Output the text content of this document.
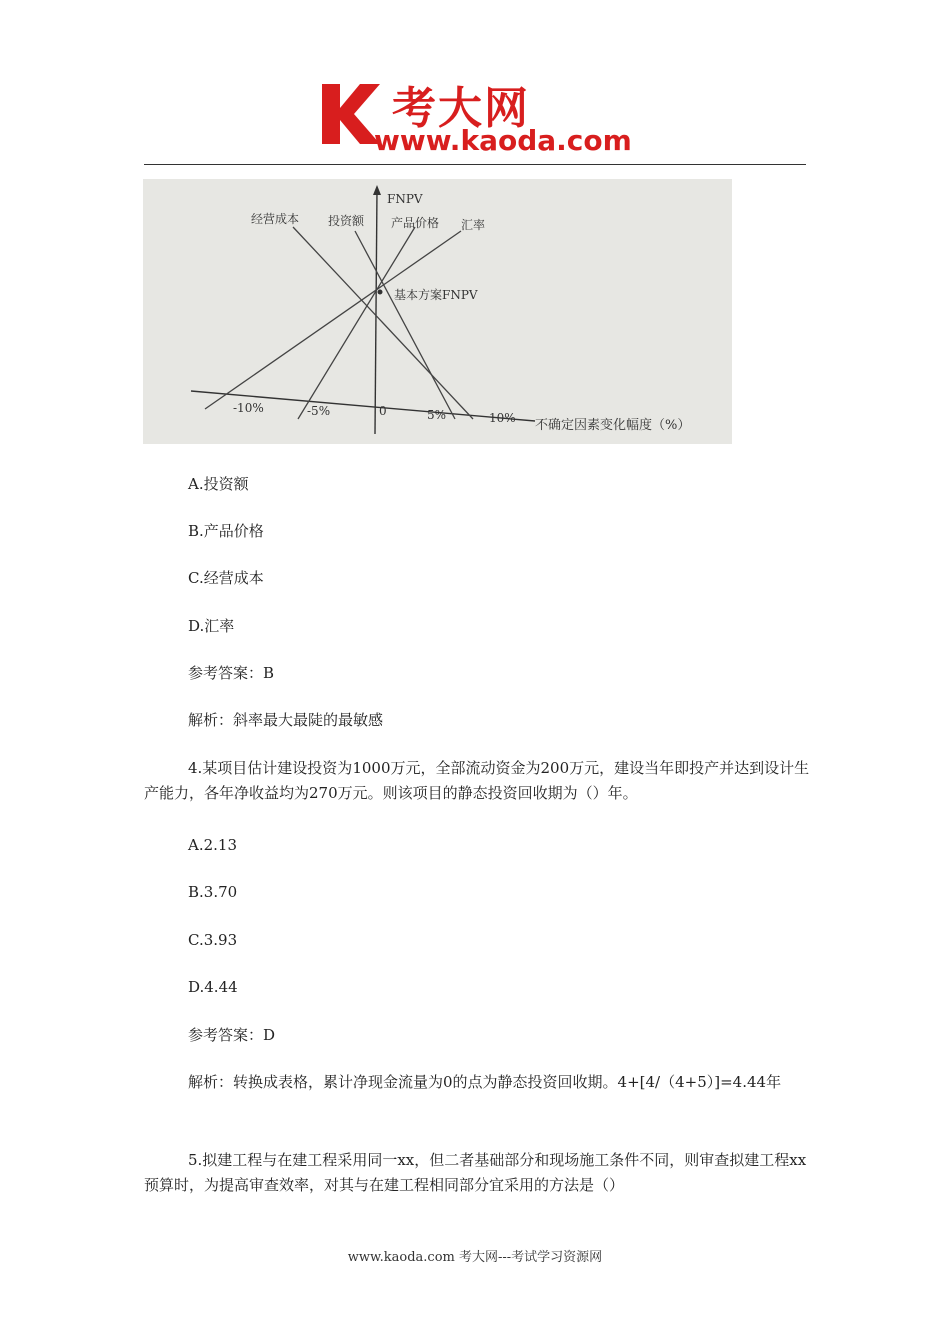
考大网
www.kaoda.com
FNPV
经营成本 投资额 产品价格 汇率
基本方案FNPV
-10%	-5%	0	5%	10% 不确定因素变化幅度（%）

A.投资额

B.产品价格

C.经营成本

D.汇率

参考答案：B

解析：斜率最大最陡的最敏感

4.某项目估计建设投资为1000万元，全部流动资金为200万元，建设当年即投产并达到设计生产能力，各年净收益均为270万元。则该项目的静态投资回收期为（）年。

A.2.13

B.3.70

C.3.93

D.4.44

参考答案：D

解析：转换成表格，累计净现金流量为0的点为静态投资回收期。4+[4/（4+5）]=4.44年

5.拟建工程与在建工程采用同一xx，但二者基础部分和现场施工条件不同，则审查拟建工程xx预算时，为提高审查效率，对其与在建工程相同部分宜采用的方法是（）

www.kaoda.com 考大网---考试学习资源网
